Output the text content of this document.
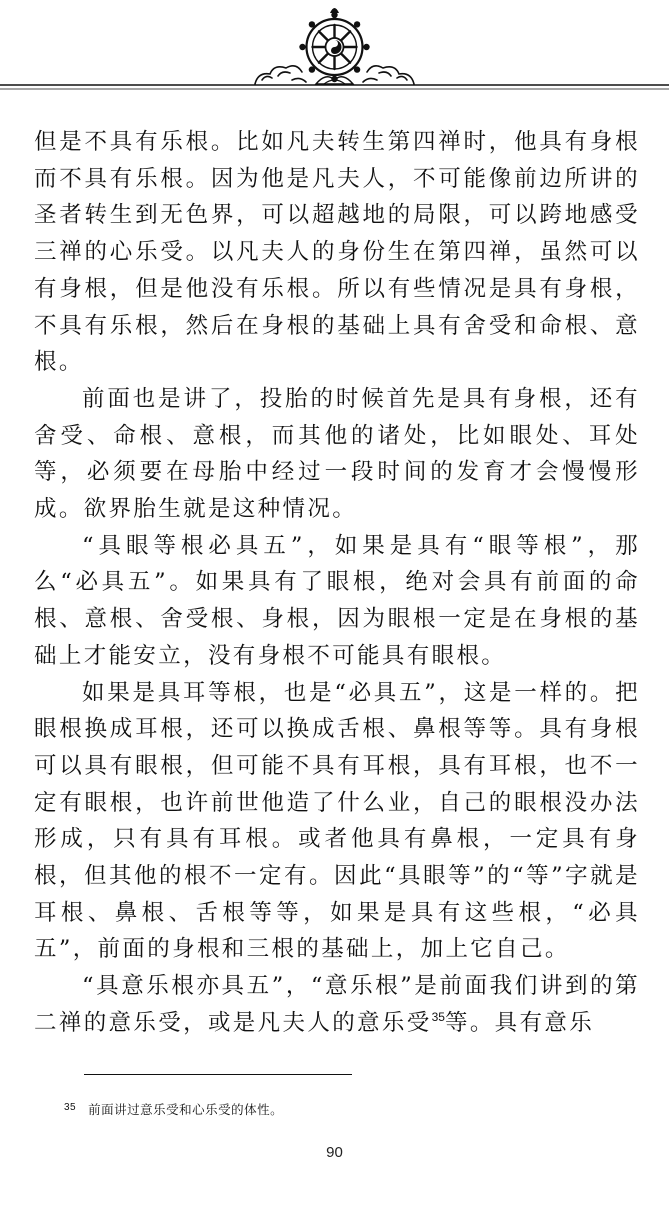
但是不具有乐根。比如凡夫转生第四禅时，他具有身根而不具有乐根。因为他是凡夫人，不可能像前边所讲的圣者转生到无色界，可以超越地的局限，可以跨地感受三禅的心乐受。以凡夫人的身份生在第四禅，虽然可以有身根，但是他没有乐根。所以有些情况是具有身根，不具有乐根，然后在身根的基础上具有舍受和命根、意根。

前面也是讲了，投胎的时候首先是具有身根，还有舍受、命根、意根，而其他的诸处，比如眼处、耳处等，必须要在母胎中经过一段时间的发育才会慢慢形成。欲界胎生就是这种情况。

“具眼等根必具五”，如果是具有“眼等根”，那么“必具五”。如果具有了眼根，绝对会具有前面的命根、意根、舍受根、身根，因为眼根一定是在身根的基础上才能安立，没有身根不可能具有眼根。

如果是具耳等根，也是“必具五”，这是一样的。把眼根换成耳根，还可以换成舌根、鼻根等等。具有身根可以具有眼根，但可能不具有耳根，具有耳根，也不一定有眼根，也许前世他造了什么业，自己的眼根没办法形成，只有具有耳根。或者他具有鼻根，一定具有身根，但其他的根不一定有。因此“具眼等”的“等”字就是耳根、鼻根、舌根等等，如果是具有这些根，“必具五”，前面的身根和三根的基础上，加上它自己。

“具意乐根亦具五”，“意乐根”是前面我们讲到的第二禅的意乐受，或是凡夫人的意乐受$^{35}$等。具有意乐

$^{35}$ 前面讲过意乐受和心乐受的体性。
90
